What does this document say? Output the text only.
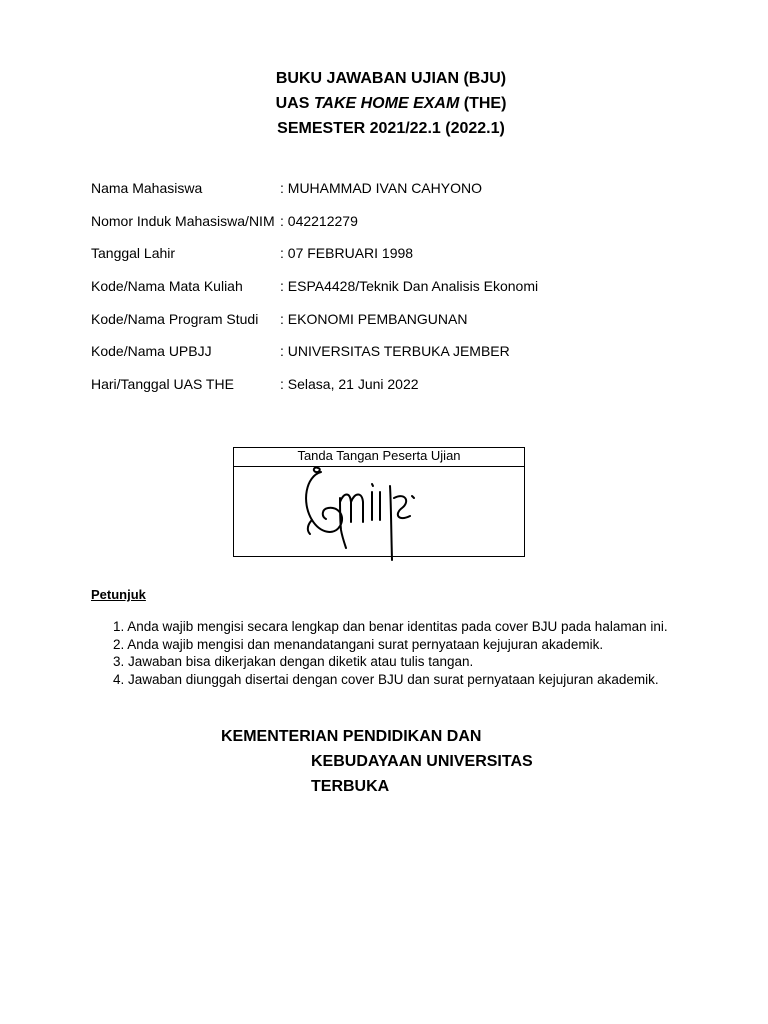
BUKU JAWABAN UJIAN (BJU)
UAS TAKE HOME EXAM (THE)
SEMESTER 2021/22.1 (2022.1)
Nama Mahasiswa	: MUHAMMAD IVAN CAHYONO
Nomor Induk Mahasiswa/NIM : 042212279
Tanggal Lahir	: 07 FEBRUARI 1998
Kode/Nama Mata Kuliah	: ESPA4428/Teknik Dan Analisis Ekonomi
Kode/Nama Program Studi	: EKONOMI PEMBANGUNAN
Kode/Nama UPBJJ	: UNIVERSITAS TERBUKA JEMBER
Hari/Tanggal UAS THE	: Selasa, 21 Juni 2022
Tanda Tangan Peserta Ujian
Petunjuk
1. Anda wajib mengisi secara lengkap dan benar identitas pada cover BJU pada halaman ini.
2. Anda wajib mengisi dan menandatangani surat pernyataan kejujuran akademik.
3. Jawaban bisa dikerjakan dengan diketik atau tulis tangan.
4. Jawaban diunggah disertai dengan cover BJU dan surat pernyataan kejujuran akademik.
KEMENTERIAN PENDIDIKAN DAN
KEBUDAYAAN UNIVERSITAS
TERBUKA
